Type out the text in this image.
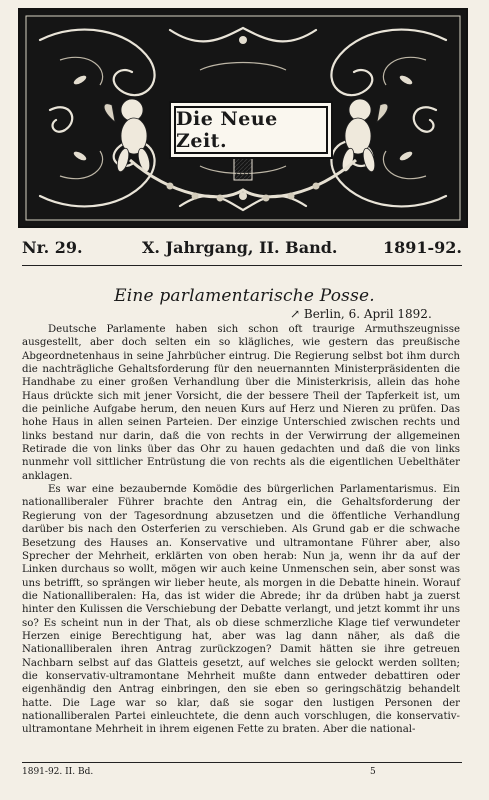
Die Neue Zeit.
Nr. 29.	X. Jahrgang, II. Band.	1891-92.
Eine parlamentarische Posse.
↗ Berlin, 6. April 1892.

Deutsche Parlamente haben sich schon oft traurige Armuthszeugnisse ausgestellt, aber doch selten ein so klägliches, wie gestern das preußische Abgeordnetenhaus in seine Jahrbücher eintrug. Die Regierung selbst bot ihm durch die nachträgliche Gehaltsforderung für den neuernannten Ministerpräsidenten die Handhabe zu einer großen Verhandlung über die Ministerkrisis, allein das hohe Haus drückte sich mit jener Vorsicht, die der bessere Theil der Tapferkeit ist, um die peinliche Aufgabe herum, den neuen Kurs auf Herz und Nieren zu prüfen. Das hohe Haus in allen seinen Parteien. Der einzige Unterschied zwischen rechts und links bestand nur darin, daß die von rechts in der Verwirrung der allgemeinen Retirade die von links über das Ohr zu hauen gedachten und daß die von links nunmehr voll sittlicher Entrüstung die von rechts als die eigentlichen Uebelthäter anklagen.

Es war eine bezaubernde Komödie des bürgerlichen Parlamentarismus. Ein nationalliberaler Führer brachte den Antrag ein, die Gehaltsforderung der Regierung von der Tagesordnung abzusetzen und die öffentliche Verhandlung darüber bis nach den Osterferien zu verschieben. Als Grund gab er die schwache Besetzung des Hauses an. Konservative und ultramontane Führer aber, also Sprecher der Mehrheit, erklärten von oben herab: Nun ja, wenn ihr da auf der Linken durchaus so wollt, mögen wir auch keine Unmenschen sein, aber sonst was uns betrifft, so sprängen wir lieber heute, als morgen in die Debatte hinein. Worauf die Nationalliberalen: Ha, das ist wider die Abrede; ihr da drüben habt ja zuerst hinter den Kulissen die Verschiebung der Debatte verlangt, und jetzt kommt ihr uns so? Es scheint nun in der That, als ob diese schmerzliche Klage tief verwundeter Herzen einige Berechtigung hat, aber was lag dann näher, als daß die Nationalliberalen ihren Antrag zurückzogen? Damit hätten sie ihre getreuen Nachbarn selbst auf das Glatteis gesetzt, auf welches sie gelockt werden sollten; die konservativ-ultramontane Mehrheit mußte dann entweder debattiren oder eigenhändig den Antrag einbringen, den sie eben so geringschätzig behandelt hatte. Die Lage war so klar, daß sie sogar den lustigen Personen der nationalliberalen Partei einleuchtete, die denn auch vorschlugen, die konservativ-ultramontane Mehrheit in ihrem eigenen Fette zu braten. Aber die national-

1891-92. II. Bd.	5
